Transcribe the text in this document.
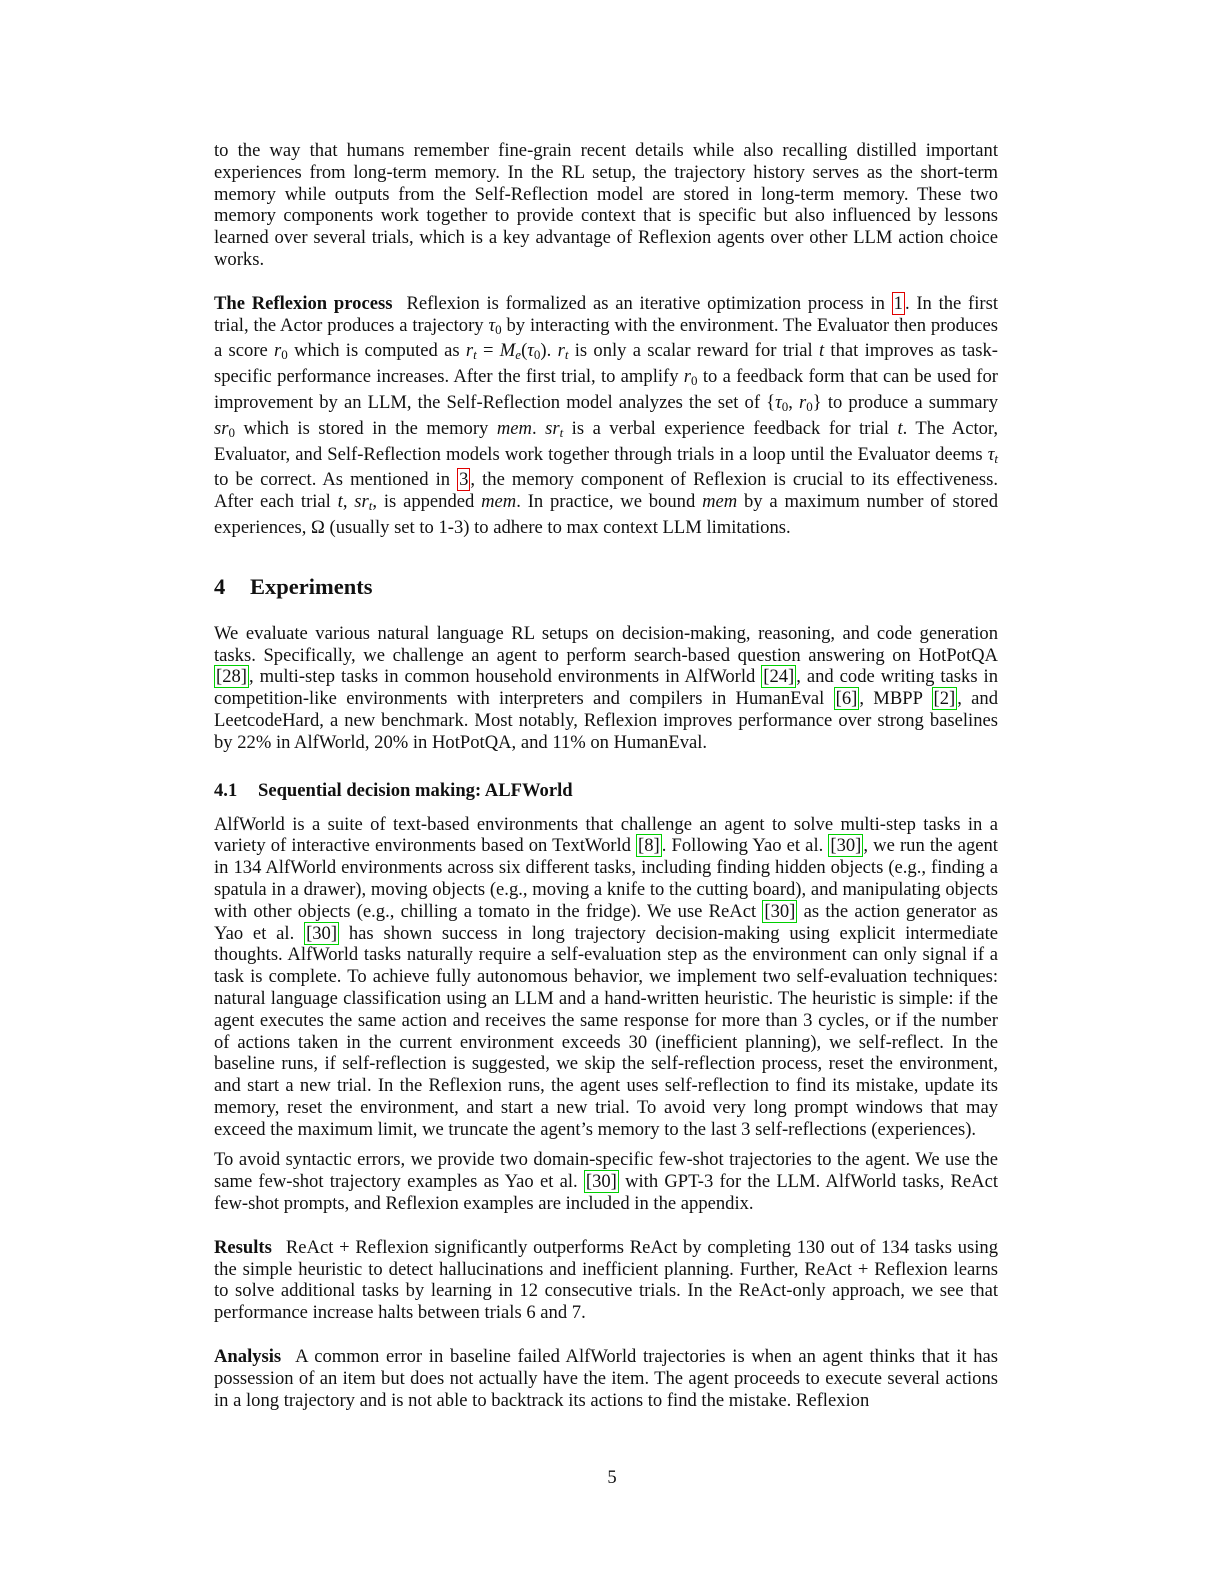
to the way that humans remember fine-grain recent details while also recalling distilled important experiences from long-term memory. In the RL setup, the trajectory history serves as the short-term memory while outputs from the Self-Reflection model are stored in long-term memory. These two memory components work together to provide context that is specific but also influenced by lessons learned over several trials, which is a key advantage of Reflexion agents over other LLM action choice works.

The Reflexion process Reflexion is formalized as an iterative optimization process in 1 . In the first trial, the Actor produces a trajectory $\tau_0$ by interacting with the environment. The Evaluator then produces a score $r_0$ which is computed as rt = $Me(\tau_0)$. rt is only a scalar reward for trial t that improves as task-specific performance increases. After the first trial, to amplify $r_0$ to a feedback form that can be used for improvement by an LLM, the Self-Reflection model analyzes the set of {$\tau_0$, $r_0$} to produce a summary $sr_0$ which is stored in the memory mem. srt is a verbal experience feedback for trial t. The Actor, Evaluator, and Self-Reflection models work together through trials in a loop until the Evaluator deems τt to be correct. As mentioned in 3 , the memory component of Reflexion is crucial to its effectiveness. After each trial t, srt, is appended mem. In practice, we bound mem by a maximum number of stored experiences, Ω (usually set to 1-3) to adhere to max context LLM limitations.

4 Experiments

We evaluate various natural language RL setups on decision-making, reasoning, and code generation tasks. Specifically, we challenge an agent to perform search-based question answering on HotPotQA [28] , multi-step tasks in common household environments in AlfWorld [24] , and code writing tasks in competition-like environments with interpreters and compilers in HumanEval [6] , MBPP [2] , and LeetcodeHard, a new benchmark. Most notably, Reflexion improves performance over strong baselines by 22% in AlfWorld, 20% in HotPotQA, and 11% on HumanEval.

4.1 Sequential decision making: ALFWorld

AlfWorld is a suite of text-based environments that challenge an agent to solve multi-step tasks in a variety of interactive environments based on TextWorld [8] . Following Yao et al. [30] , we run the agent in 134 AlfWorld environments across six different tasks, including finding hidden objects (e.g., finding a spatula in a drawer), moving objects (e.g., moving a knife to the cutting board), and manipulating objects with other objects (e.g., chilling a tomato in the fridge). We use ReAct [30] as the action generator as Yao et al. [30] has shown success in long trajectory decision-making using explicit intermediate thoughts. AlfWorld tasks naturally require a self-evaluation step as the environment can only signal if a task is complete. To achieve fully autonomous behavior, we implement two self-evaluation techniques: natural language classification using an LLM and a hand-written heuristic. The heuristic is simple: if the agent executes the same action and receives the same response for more than 3 cycles, or if the number of actions taken in the current environment exceeds 30 (inefficient planning), we self-reflect. In the baseline runs, if self-reflection is suggested, we skip the self-reflection process, reset the environment, and start a new trial. In the Reflexion runs, the agent uses self-reflection to find its mistake, update its memory, reset the environment, and start a new trial. To avoid very long prompt windows that may exceed the maximum limit, we truncate the agent’s memory to the last 3 self-reflections (experiences).

To avoid syntactic errors, we provide two domain-specific few-shot trajectories to the agent. We use the same few-shot trajectory examples as Yao et al. [30] with GPT-3 for the LLM. AlfWorld tasks, ReAct few-shot prompts, and Reflexion examples are included in the appendix.

Results ReAct + Reflexion significantly outperforms ReAct by completing 130 out of 134 tasks using the simple heuristic to detect hallucinations and inefficient planning. Further, ReAct + Reflexion learns to solve additional tasks by learning in 12 consecutive trials. In the ReAct-only approach, we see that performance increase halts between trials 6 and 7.

Analysis A common error in baseline failed AlfWorld trajectories is when an agent thinks that it has possession of an item but does not actually have the item. The agent proceeds to execute several actions in a long trajectory and is not able to backtrack its actions to find the mistake. Reflexion

5
